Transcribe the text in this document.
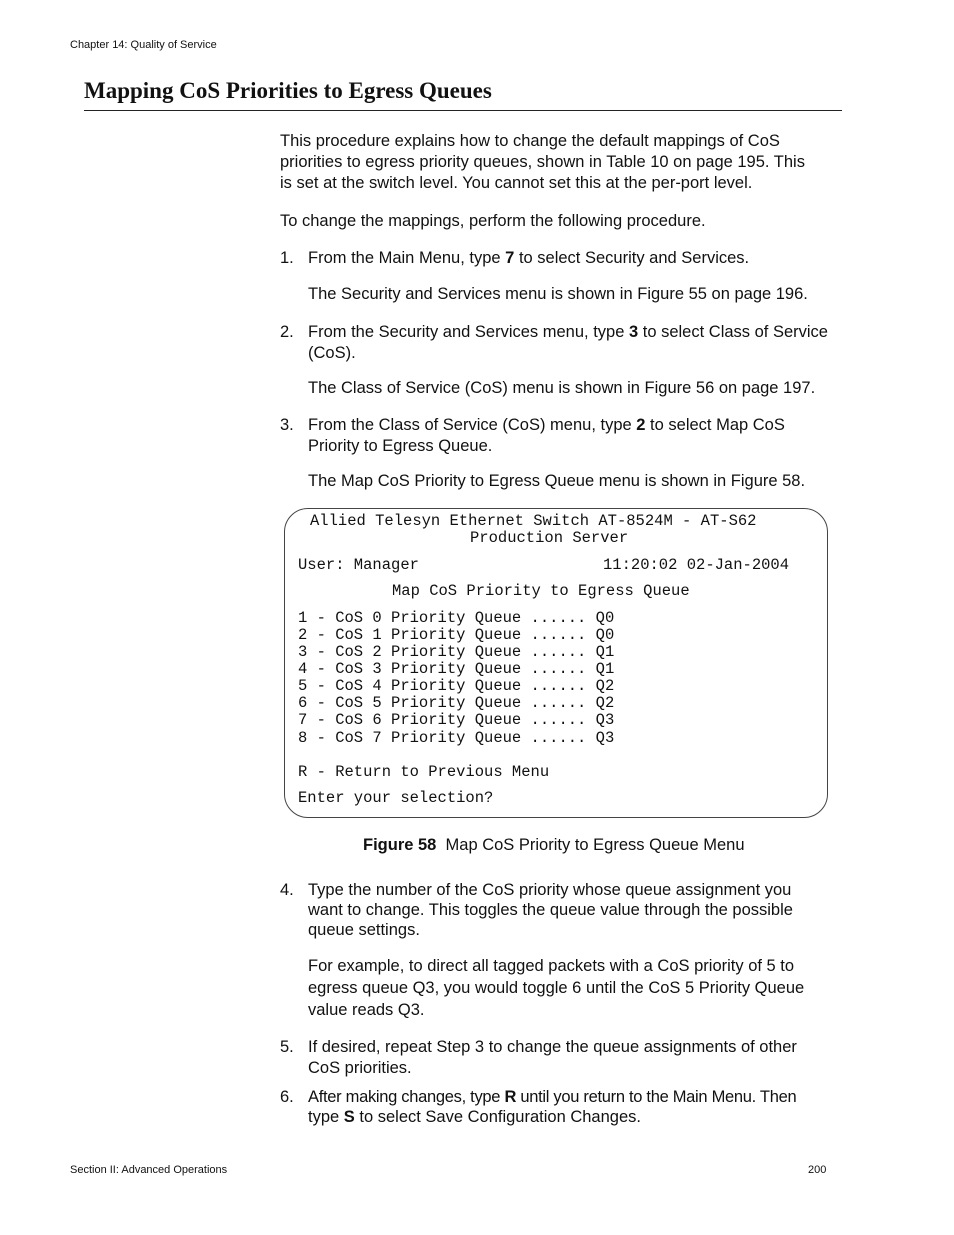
Chapter 14: Quality of Service
Mapping CoS Priorities to Egress Queues
This procedure explains how to change the default mappings of CoS
priorities to egress priority queues, shown in Table 10 on page 195. This
is set at the switch level. You cannot set this at the per-port level.
To change the mappings, perform the following procedure.
1. From the Main Menu, type 7 to select Security and Services.
The Security and Services menu is shown in Figure 55 on page 196.
2. From the Security and Services menu, type 3 to select Class of Service
(CoS).
The Class of Service (CoS) menu is shown in Figure 56 on page 197.
3. From the Class of Service (CoS) menu, type 2 to select Map CoS
Priority to Egress Queue.
The Map CoS Priority to Egress Queue menu is shown in Figure 58.
Allied Telesyn Ethernet Switch AT-8524M - AT-S62
Production Server
User: Manager	11:20:02 02-Jan-2004
Map CoS Priority to Egress Queue
1 - CoS 0 Priority Queue ...... Q0
2 - CoS 1 Priority Queue ...... Q0
3 - CoS 2 Priority Queue ...... Q1
4 - CoS 3 Priority Queue ...... Q1
5 - CoS 4 Priority Queue ...... Q2
6 - CoS 5 Priority Queue ...... Q2
7 - CoS 6 Priority Queue ...... Q3
8 - CoS 7 Priority Queue ...... Q3
R - Return to Previous Menu
Enter your selection?
Figure 58 Map CoS Priority to Egress Queue Menu
4. Type the number of the CoS priority whose queue assignment you
want to change. This toggles the queue value through the possible
queue settings.
For example, to direct all tagged packets with a CoS priority of 5 to
egress queue Q3, you would toggle 6 until the CoS 5 Priority Queue
value reads Q3.
5. If desired, repeat Step 3 to change the queue assignments of other
CoS priorities.
6. After making changes, type R until you return to the Main Menu. Then
type S to select Save Configuration Changes.
Section II: Advanced Operations	200
